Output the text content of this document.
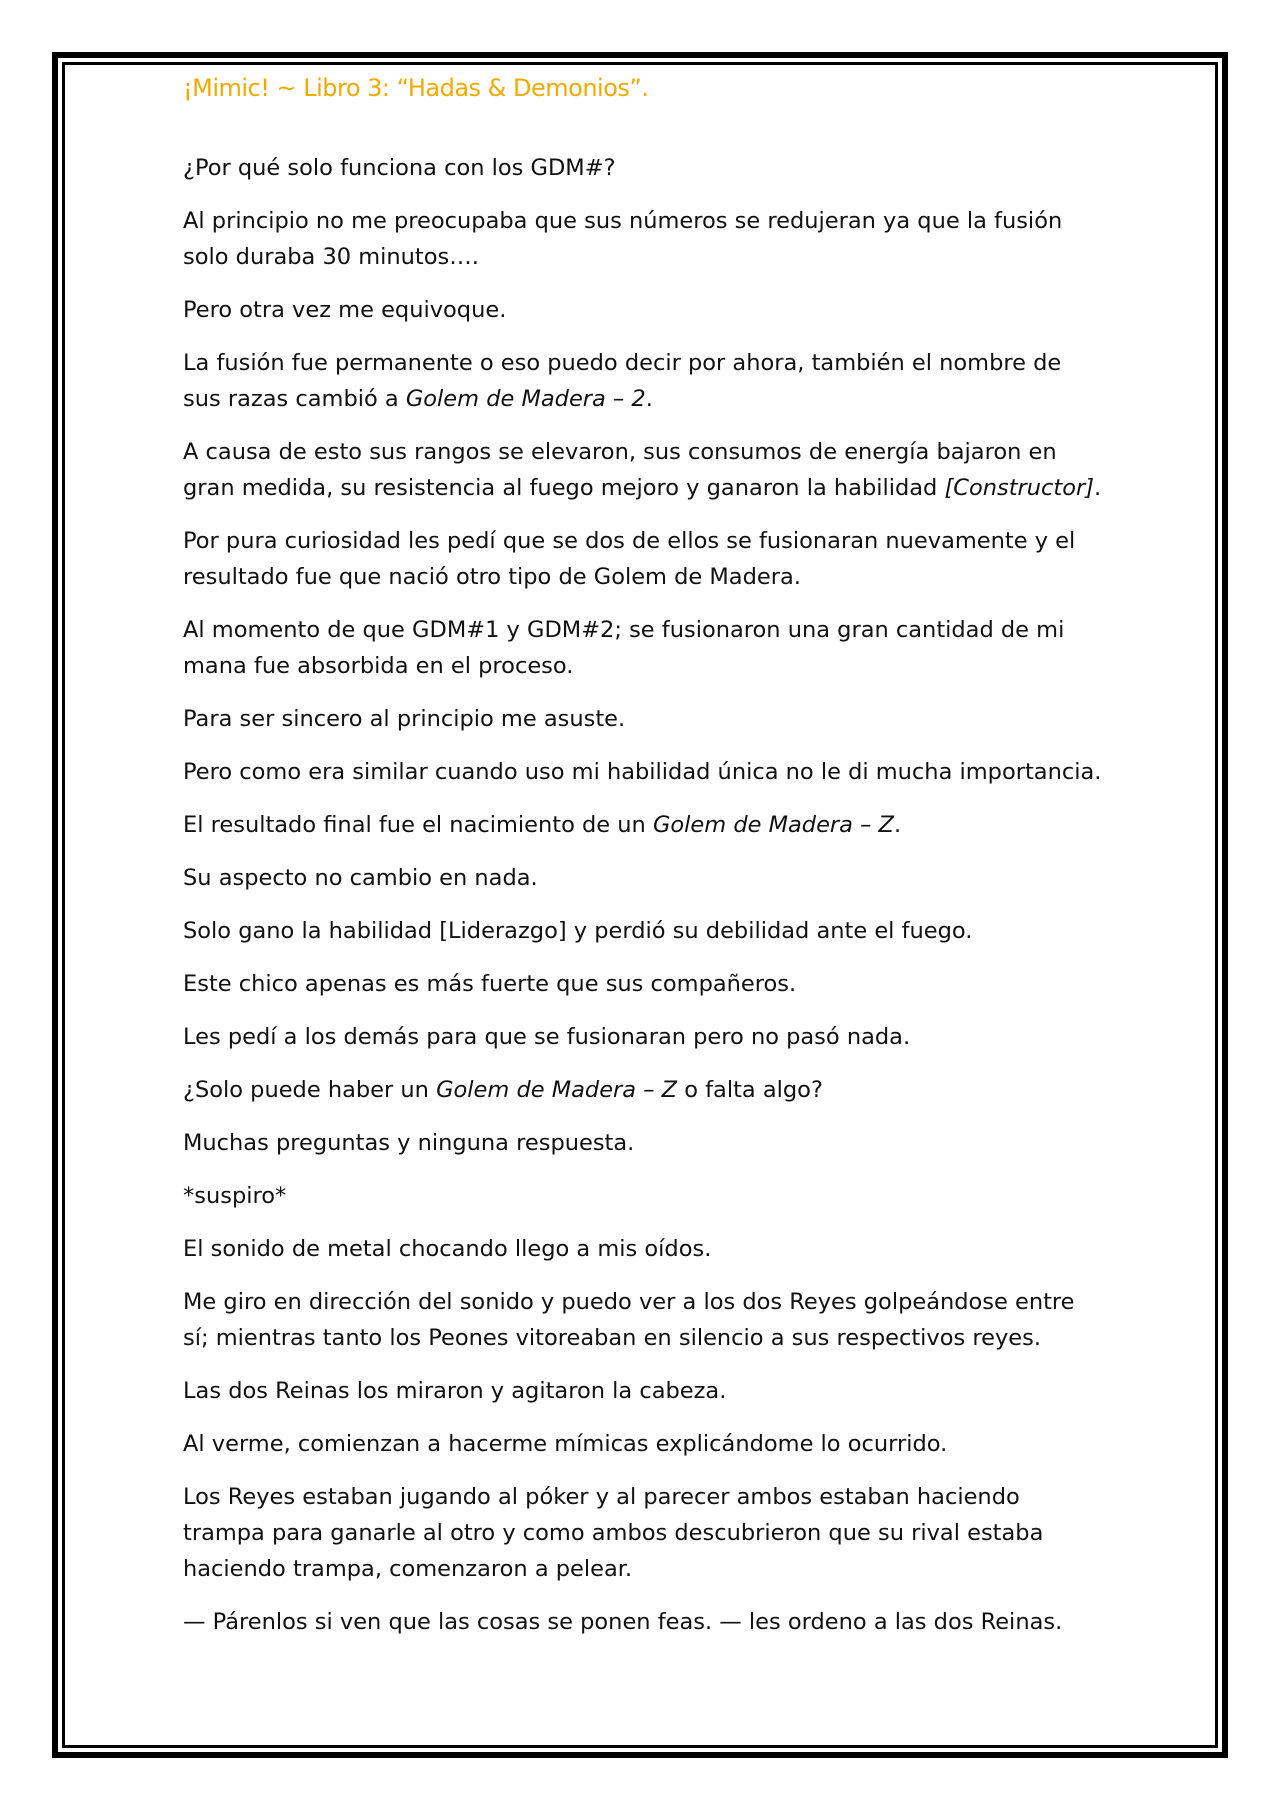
¡Mimic! ~ Libro 3: “Hadas & Demonios”.

¿Por qué solo funciona con los GDM#?

Al principio no me preocupaba que sus números se redujeran ya que la fusión solo duraba 30 minutos….

Pero otra vez me equivoque.

La fusión fue permanente o eso puedo decir por ahora, también el nombre de sus razas cambió a Golem de Madera – 2.

A causa de esto sus rangos se elevaron, sus consumos de energía bajaron en gran medida, su resistencia al fuego mejoro y ganaron la habilidad [Constructor].

Por pura curiosidad les pedí que se dos de ellos se fusionaran nuevamente y el resultado fue que nació otro tipo de Golem de Madera.

Al momento de que GDM#1 y GDM#2; se fusionaron una gran cantidad de mi mana fue absorbida en el proceso.

Para ser sincero al principio me asuste.

Pero como era similar cuando uso mi habilidad única no le di mucha importancia.

El resultado final fue el nacimiento de un Golem de Madera – Z.

Su aspecto no cambio en nada.

Solo gano la habilidad [Liderazgo] y perdió su debilidad ante el fuego.

Este chico apenas es más fuerte que sus compañeros.

Les pedí a los demás para que se fusionaran pero no pasó nada.

¿Solo puede haber un Golem de Madera – Z o falta algo?

Muchas preguntas y ninguna respuesta.

*suspiro*

El sonido de metal chocando llego a mis oídos.

Me giro en dirección del sonido y puedo ver a los dos Reyes golpeándose entre sí; mientras tanto los Peones vitoreaban en silencio a sus respectivos reyes.

Las dos Reinas los miraron y agitaron la cabeza.

Al verme, comienzan a hacerme mímicas explicándome lo ocurrido.

Los Reyes estaban jugando al póker y al parecer ambos estaban haciendo trampa para ganarle al otro y como ambos descubrieron que su rival estaba haciendo trampa, comenzaron a pelear.

— Párenlos si ven que las cosas se ponen feas. — les ordeno a las dos Reinas.
